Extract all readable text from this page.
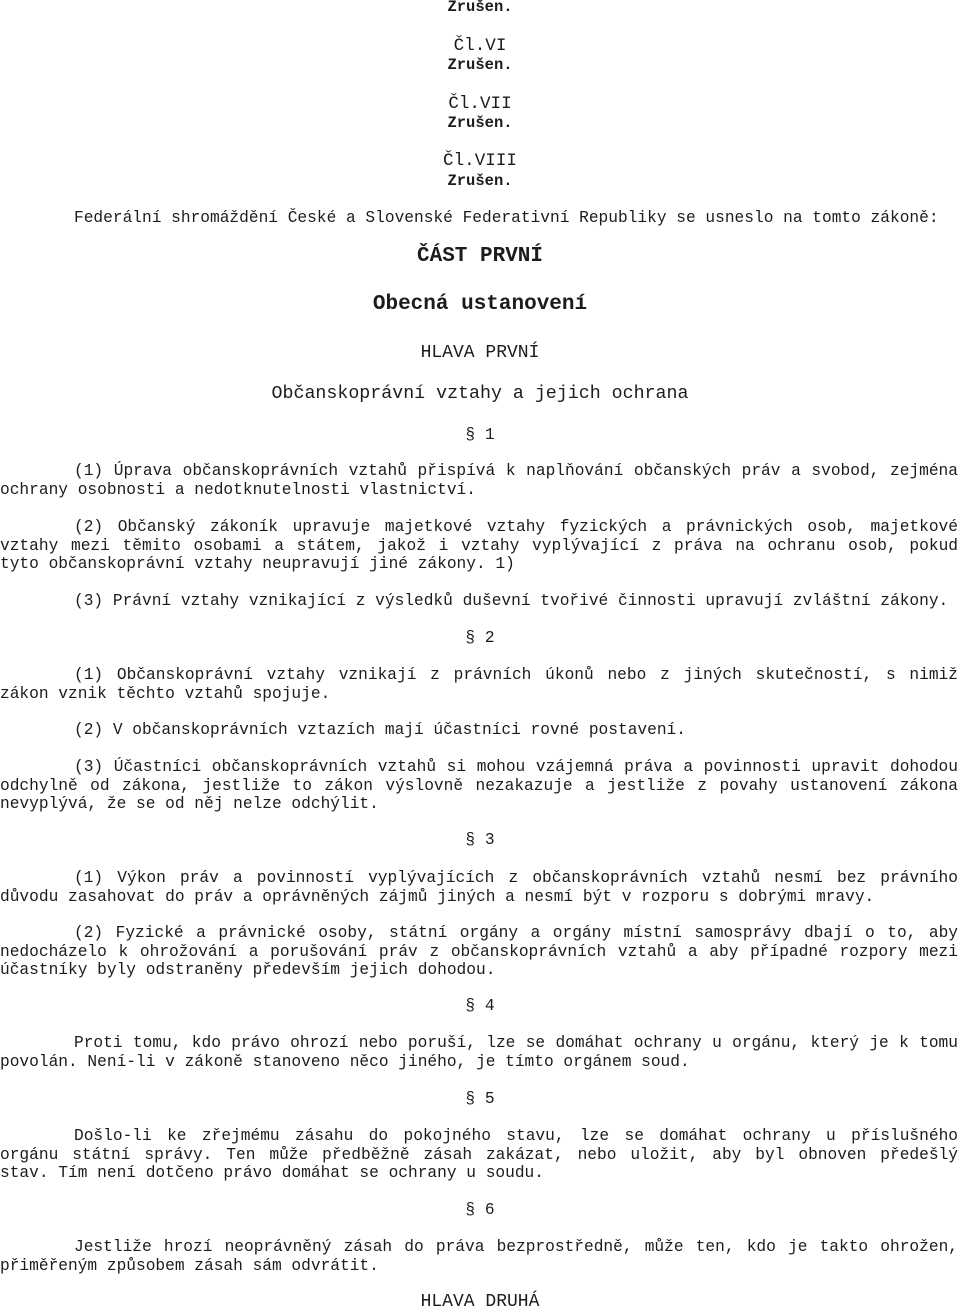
Zrušen.
Čl.VI
Zrušen.
Čl.VII
Zrušen.
Čl.VIII
Zrušen.
Federální shromáždění České a Slovenské Federativní Republiky se usneslo na tomto zákoně:
ČÁST PRVNÍ
Obecná ustanovení
HLAVA PRVNÍ
Občanskoprávní vztahy a jejich ochrana
§ 1
(1) Úprava občanskoprávních vztahů přispívá k naplňování občanských práv a svobod, zejména
ochrany osobnosti a nedotknutelnosti vlastnictví.
(2) Občanský zákoník upravuje majetkové vztahy fyzických a právnických osob, majetkové
vztahy mezi těmito osobami a státem, jakož i vztahy vyplývající z práva na ochranu osob, pokud
tyto občanskoprávní vztahy neupravují jiné zákony. 1)
(3) Právní vztahy vznikající z výsledků duševní tvořivé činnosti upravují zvláštní zákony.
§ 2
(1) Občanskoprávní vztahy vznikají z právních úkonů nebo z jiných skutečností, s nimiž
zákon vznik těchto vztahů spojuje.
(2) V občanskoprávních vztazích mají účastníci rovné postavení.
(3) Účastníci občanskoprávních vztahů si mohou vzájemná práva a povinnosti upravit dohodou
odchylně od zákona, jestliže to zákon výslovně nezakazuje a jestliže z povahy ustanovení zákona
nevyplývá, že se od něj nelze odchýlit.
§ 3
(1) Výkon práv a povinností vyplývajících z občanskoprávních vztahů nesmí bez právního
důvodu zasahovat do práv a oprávněných zájmů jiných a nesmí být v rozporu s dobrými mravy.
(2) Fyzické a právnické osoby, státní orgány a orgány místní samosprávy dbají o to, aby
nedocházelo k ohrožování a porušování práv z občanskoprávních vztahů a aby případné rozpory mezi
účastníky byly odstraněny především jejich dohodou.
§ 4
Proti tomu, kdo právo ohrozí nebo poruší, lze se domáhat ochrany u orgánu, který je k tomu
povolán. Není-li v zákoně stanoveno něco jiného, je tímto orgánem soud.
§ 5
Došlo-li ke zřejmému zásahu do pokojného stavu, lze se domáhat ochrany u příslušného
orgánu státní správy. Ten může předběžně zásah zakázat, nebo uložit, aby byl obnoven předešlý
stav. Tím není dotčeno právo domáhat se ochrany u soudu.
§ 6
Jestliže hrozí neoprávněný zásah do práva bezprostředně, může ten, kdo je takto ohrožen,
přiměřeným způsobem zásah sám odvrátit.
HLAVA DRUHÁ
